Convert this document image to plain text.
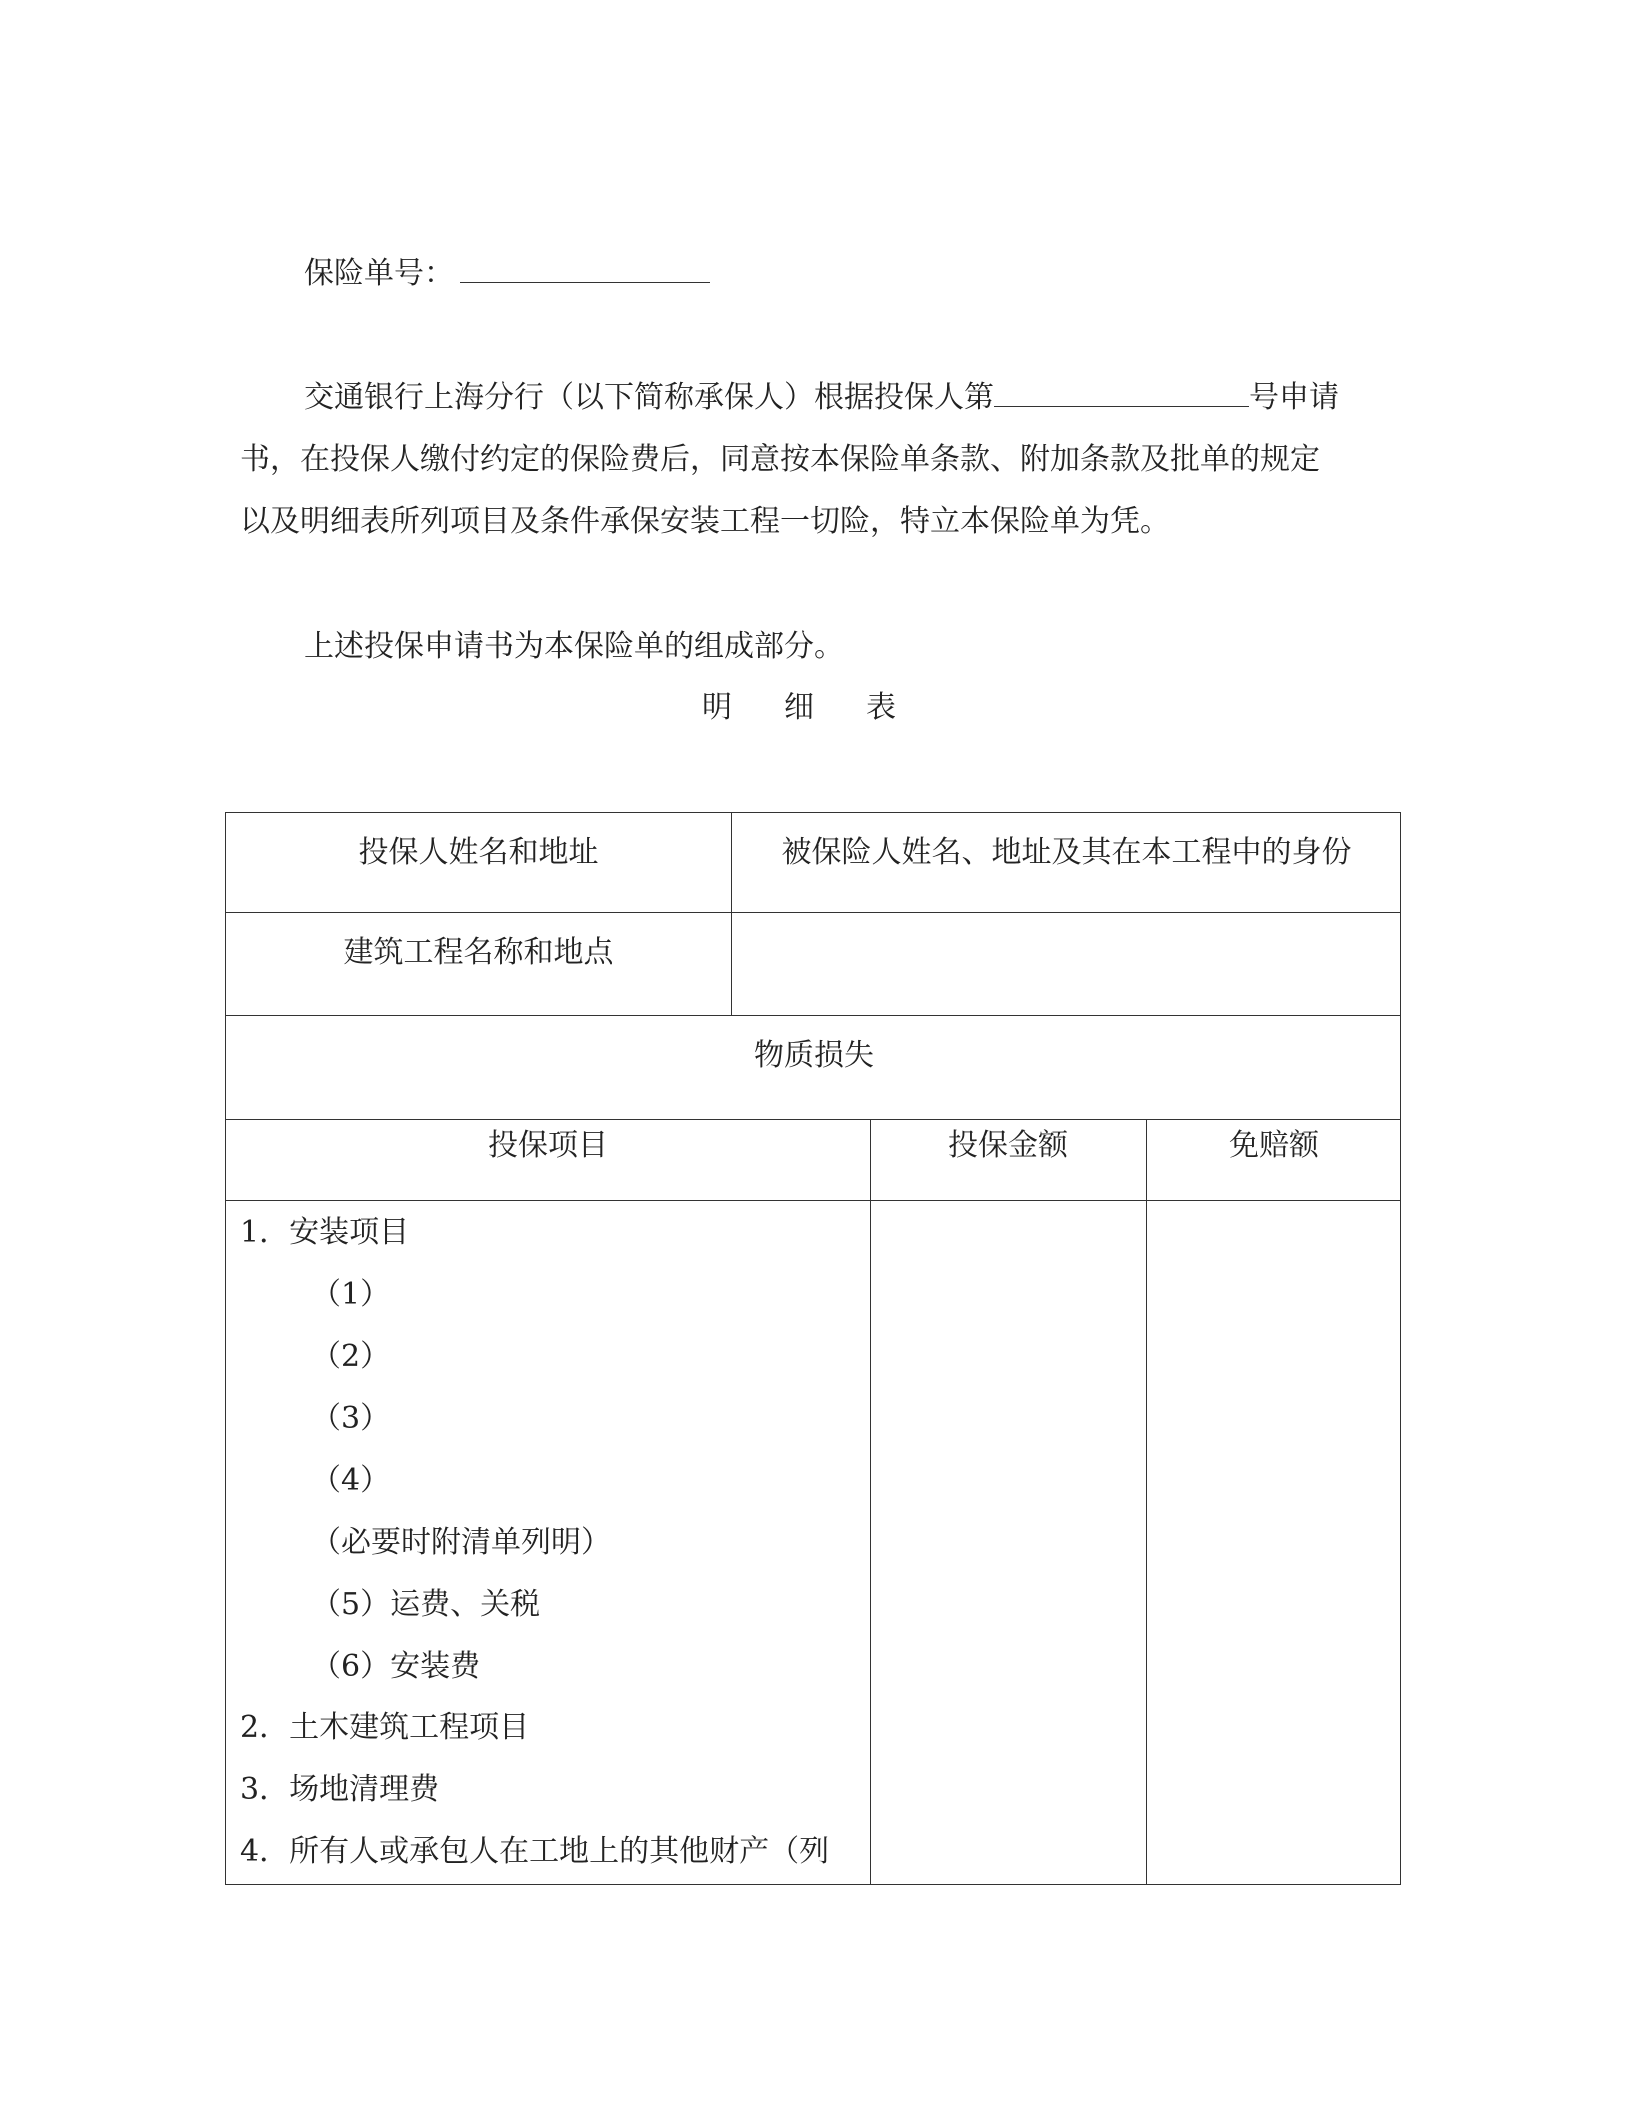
保险单号：
交通银行上海分行（以下简称承保人）根据投保人第	号申请
书，在投保人缴付约定的保险费后，同意按本保险单条款、附加条款及批单的规定
以及明细表所列项目及条件承保安装工程一切险，特立本保险单为凭。
上述投保申请书为本保险单的组成部分。
明 细 表
投保人姓名和地址	被保险人姓名、地址及其在本工程中的身份
建筑工程名称和地点
物质损失
投保项目	投保金额	免赔额
1．安装项目
（1）
（2）
（3）
（4）
（必要时附清单列明）
（5）运费、关税
（6）安装费
2．土木建筑工程项目
3．场地清理费
4．所有人或承包人在工地上的其他财产（列
